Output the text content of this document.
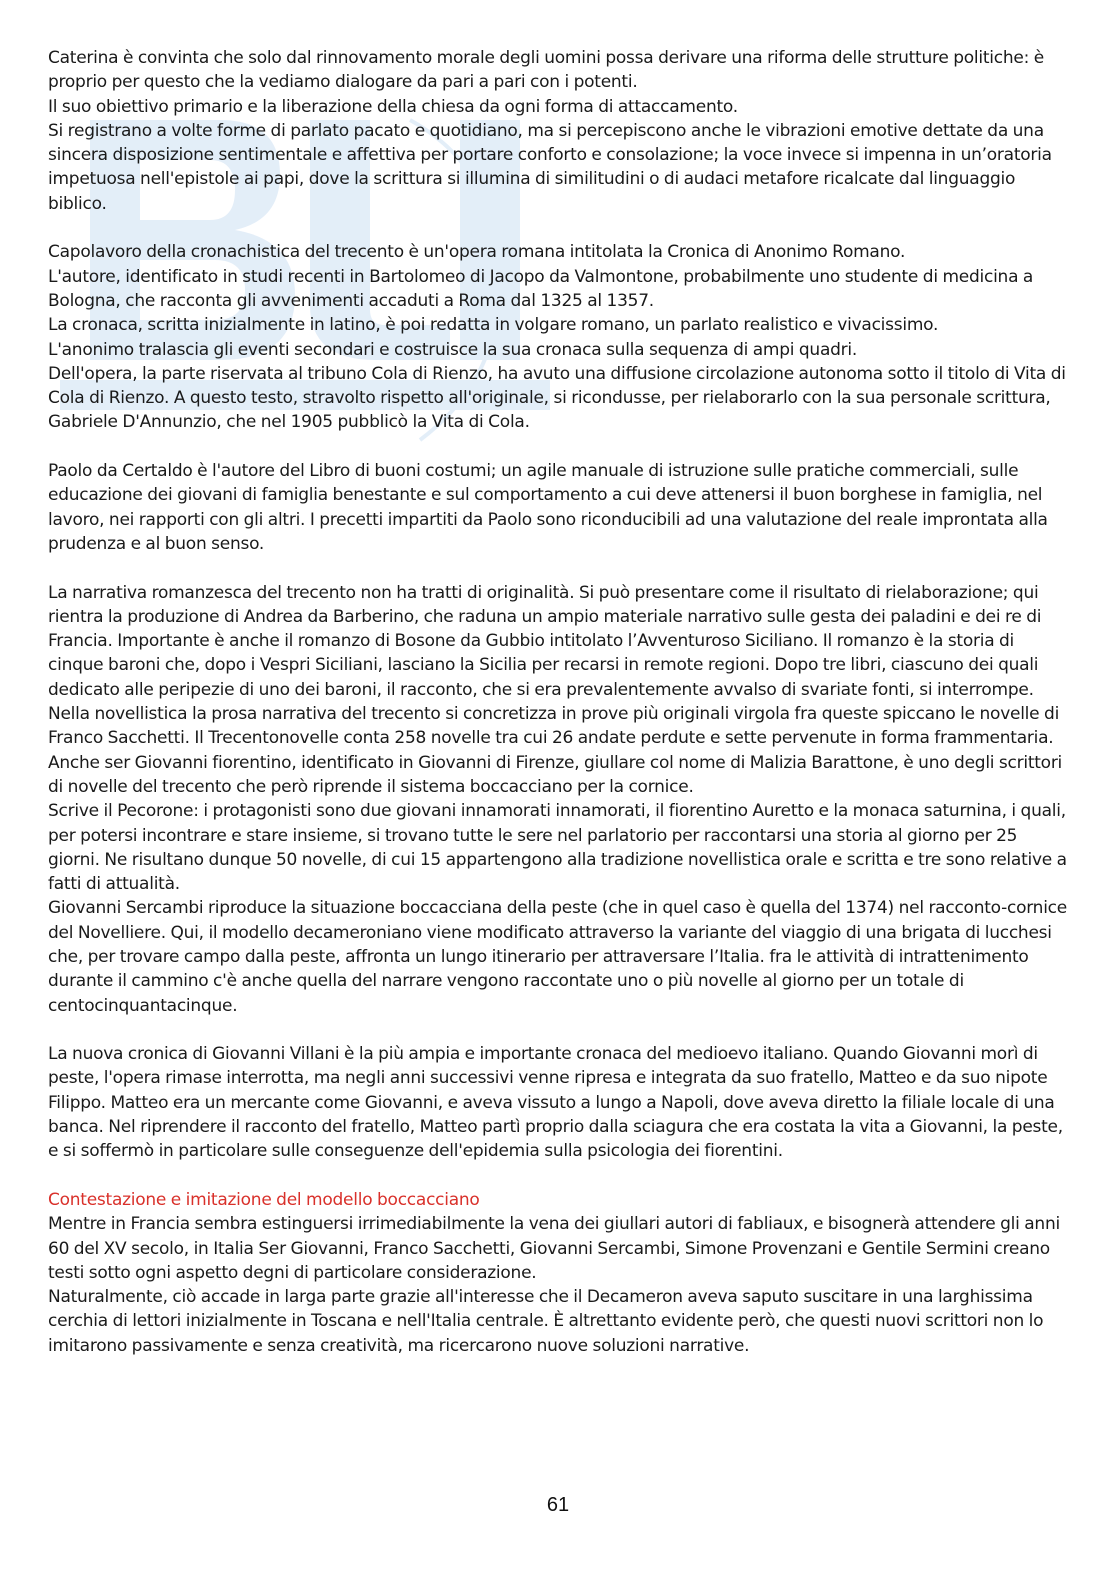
Caterina è convinta che solo dal rinnovamento morale degli uomini possa derivare una riforma delle strutture politiche: è proprio per questo che la vediamo dialogare da pari a pari con i potenti.

Il suo obiettivo primario e la liberazione della chiesa da ogni forma di attaccamento.

Si registrano a volte forme di parlato pacato e quotidiano, ma si percepiscono anche le vibrazioni emotive dettate da una sincera disposizione sentimentale e affettiva per portare conforto e consolazione; la voce invece si impenna in un’oratoria impetuosa nell'epistole ai papi, dove la scrittura si illumina di similitudini o di audaci metafore ricalcate dal linguaggio biblico.

Capolavoro della cronachistica del trecento è un'opera romana intitolata la Cronica di Anonimo Romano.

L'autore, identificato in studi recenti in Bartolomeo di Jacopo da Valmontone, probabilmente uno studente di medicina a Bologna, che racconta gli avvenimenti accaduti a Roma dal 1325 al 1357.

La cronaca, scritta inizialmente in latino, è poi redatta in volgare romano, un parlato realistico e vivacissimo.

L'anonimo tralascia gli eventi secondari e costruisce la sua cronaca sulla sequenza di ampi quadri.

Dell'opera, la parte riservata al tribuno Cola di Rienzo, ha avuto una diffusione circolazione autonoma sotto il titolo di Vita di Cola di Rienzo. A questo testo, stravolto rispetto all'originale, si ricondusse, per rielaborarlo con la sua personale scrittura, Gabriele D'Annunzio, che nel 1905 pubblicò la Vita di Cola.

Paolo da Certaldo è l'autore del Libro di buoni costumi; un agile manuale di istruzione sulle pratiche commerciali, sulle educazione dei giovani di famiglia benestante e sul comportamento a cui deve attenersi il buon borghese in famiglia, nel lavoro, nei rapporti con gli altri. I precetti impartiti da Paolo sono riconducibili ad una valutazione del reale improntata alla prudenza e al buon senso.

La narrativa romanzesca del trecento non ha tratti di originalità. Si può presentare come il risultato di rielaborazione; qui rientra la produzione di Andrea da Barberino, che raduna un ampio materiale narrativo sulle gesta dei paladini e dei re di Francia. Importante è anche il romanzo di Bosone da Gubbio intitolato l’Avventuroso Siciliano. Il romanzo è la storia di cinque baroni che, dopo i Vespri Siciliani, lasciano la Sicilia per recarsi in remote regioni. Dopo tre libri, ciascuno dei quali dedicato alle peripezie di uno dei baroni, il racconto, che si era prevalentemente avvalso di svariate fonti, si interrompe.

Nella novellistica la prosa narrativa del trecento si concretizza in prove più originali virgola fra queste spiccano le novelle di Franco Sacchetti. Il Trecentonovelle conta 258 novelle tra cui 26 andate perdute e sette pervenute in forma frammentaria.

Anche ser Giovanni fiorentino, identificato in Giovanni di Firenze, giullare col nome di Malizia Barattone, è uno degli scrittori di novelle del trecento che però riprende il sistema boccacciano per la cornice.

Scrive il Pecorone: i protagonisti sono due giovani innamorati innamorati, il fiorentino Auretto e la monaca saturnina, i quali, per potersi incontrare e stare insieme, si trovano tutte le sere nel parlatorio per raccontarsi una storia al giorno per 25 giorni. Ne risultano dunque 50 novelle, di cui 15 appartengono alla tradizione novellistica orale e scritta e tre sono relative a fatti di attualità.

Giovanni Sercambi riproduce la situazione boccacciana della peste (che in quel caso è quella del 1374) nel racconto-cornice del Novelliere. Qui, il modello decameroniano viene modificato attraverso la variante del viaggio di una brigata di lucchesi che, per trovare campo dalla peste, affronta un lungo itinerario per attraversare l’Italia. fra le attività di intrattenimento durante il cammino c'è anche quella del narrare vengono raccontate uno o più novelle al giorno per un totale di centocinquantacinque.

La nuova cronica di Giovanni Villani è la più ampia e importante cronaca del medioevo italiano. Quando Giovanni morì di peste, l'opera rimase interrotta, ma negli anni successivi venne ripresa e integrata da suo fratello, Matteo e da suo nipote Filippo. Matteo era un mercante come Giovanni, e aveva vissuto a lungo a Napoli, dove aveva diretto la filiale locale di una banca. Nel riprendere il racconto del fratello, Matteo partì proprio dalla sciagura che era costata la vita a Giovanni, la peste, e si soffermò in particolare sulle conseguenze dell'epidemia sulla psicologia dei fiorentini.

Contestazione e imitazione del modello boccacciano

Mentre in Francia sembra estinguersi irrimediabilmente la vena dei giullari autori di fabliaux, e bisognerà attendere gli anni 60 del XV secolo, in Italia Ser Giovanni, Franco Sacchetti, Giovanni Sercambi, Simone Provenzani e Gentile Sermini creano testi sotto ogni aspetto degni di particolare considerazione.

Naturalmente, ciò accade in larga parte grazie all'interesse che il Decameron aveva saputo suscitare in una larghissima cerchia di lettori inizialmente in Toscana e nell'Italia centrale. È altrettanto evidente però, che questi nuovi scrittori non lo imitarono passivamente e senza creatività, ma ricercarono nuove soluzioni narrative.

61
